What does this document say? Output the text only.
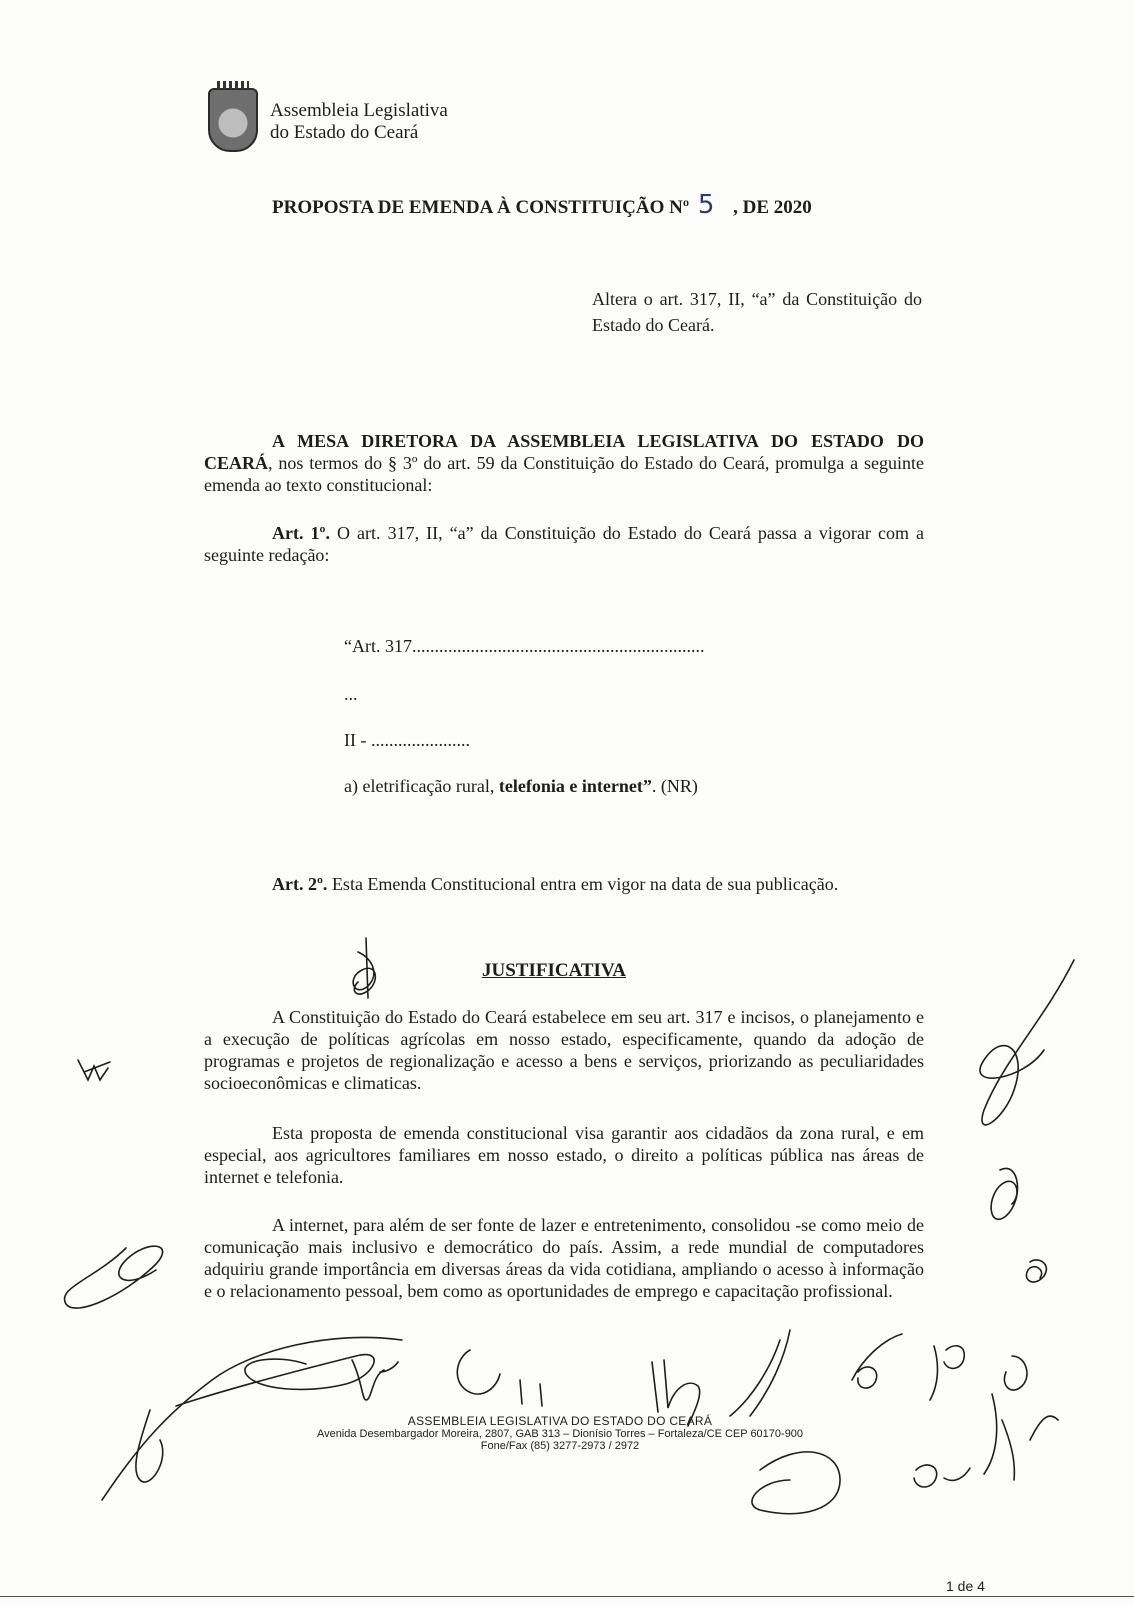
Assembleia Legislativa
do Estado do Ceará
PROPOSTA DE EMENDA À CONSTITUIÇÃO Nº 5 , DE 2020
Altera o art. 317, II, “a” da Constituição do Estado do Ceará.
A MESA DIRETORA DA ASSEMBLEIA LEGISLATIVA DO ESTADO DO CEARÁ, nos termos do § 3º do art. 59 da Constituição do Estado do Ceará, promulga a seguinte emenda ao texto constitucional:
Art. 1º. O art. 317, II, “a” da Constituição do Estado do Ceará passa a vigorar com a seguinte redação:
“Art. 317.................................................................
...
II - ......................
a) eletrificação rural, telefonia e internet”. (NR)
Art. 2º. Esta Emenda Constitucional entra em vigor na data de sua publicação.
JUSTIFICATIVA
A Constituição do Estado do Ceará estabelece em seu art. 317 e incisos, o planejamento e a execução de políticas agrícolas em nosso estado, especificamente, quando da adoção de programas e projetos de regionalização e acesso a bens e serviços, priorizando as peculiaridades socioeconômicas e climaticas.
Esta proposta de emenda constitucional visa garantir aos cidadãos da zona rural, e em especial, aos agricultores familiares em nosso estado, o direito a políticas pública nas áreas de internet e telefonia.
A internet, para além de ser fonte de lazer e entretenimento, consolidou -se como meio de comunicação mais inclusivo e democrático do país. Assim, a rede mundial de computadores adquiriu grande importância em diversas áreas da vida cotidiana, ampliando o acesso à informação e o relacionamento pessoal, bem como as oportunidades de emprego e capacitação profissional.
ASSEMBLEIA LEGISLATIVA DO ESTADO DO CEARÁ
Avenida Desembargador Moreira, 2807, GAB 313 – Dionísio Torres – Fortaleza/CE CEP 60170-900
Fone/Fax (85) 3277-2973 / 2972
1 de 4
